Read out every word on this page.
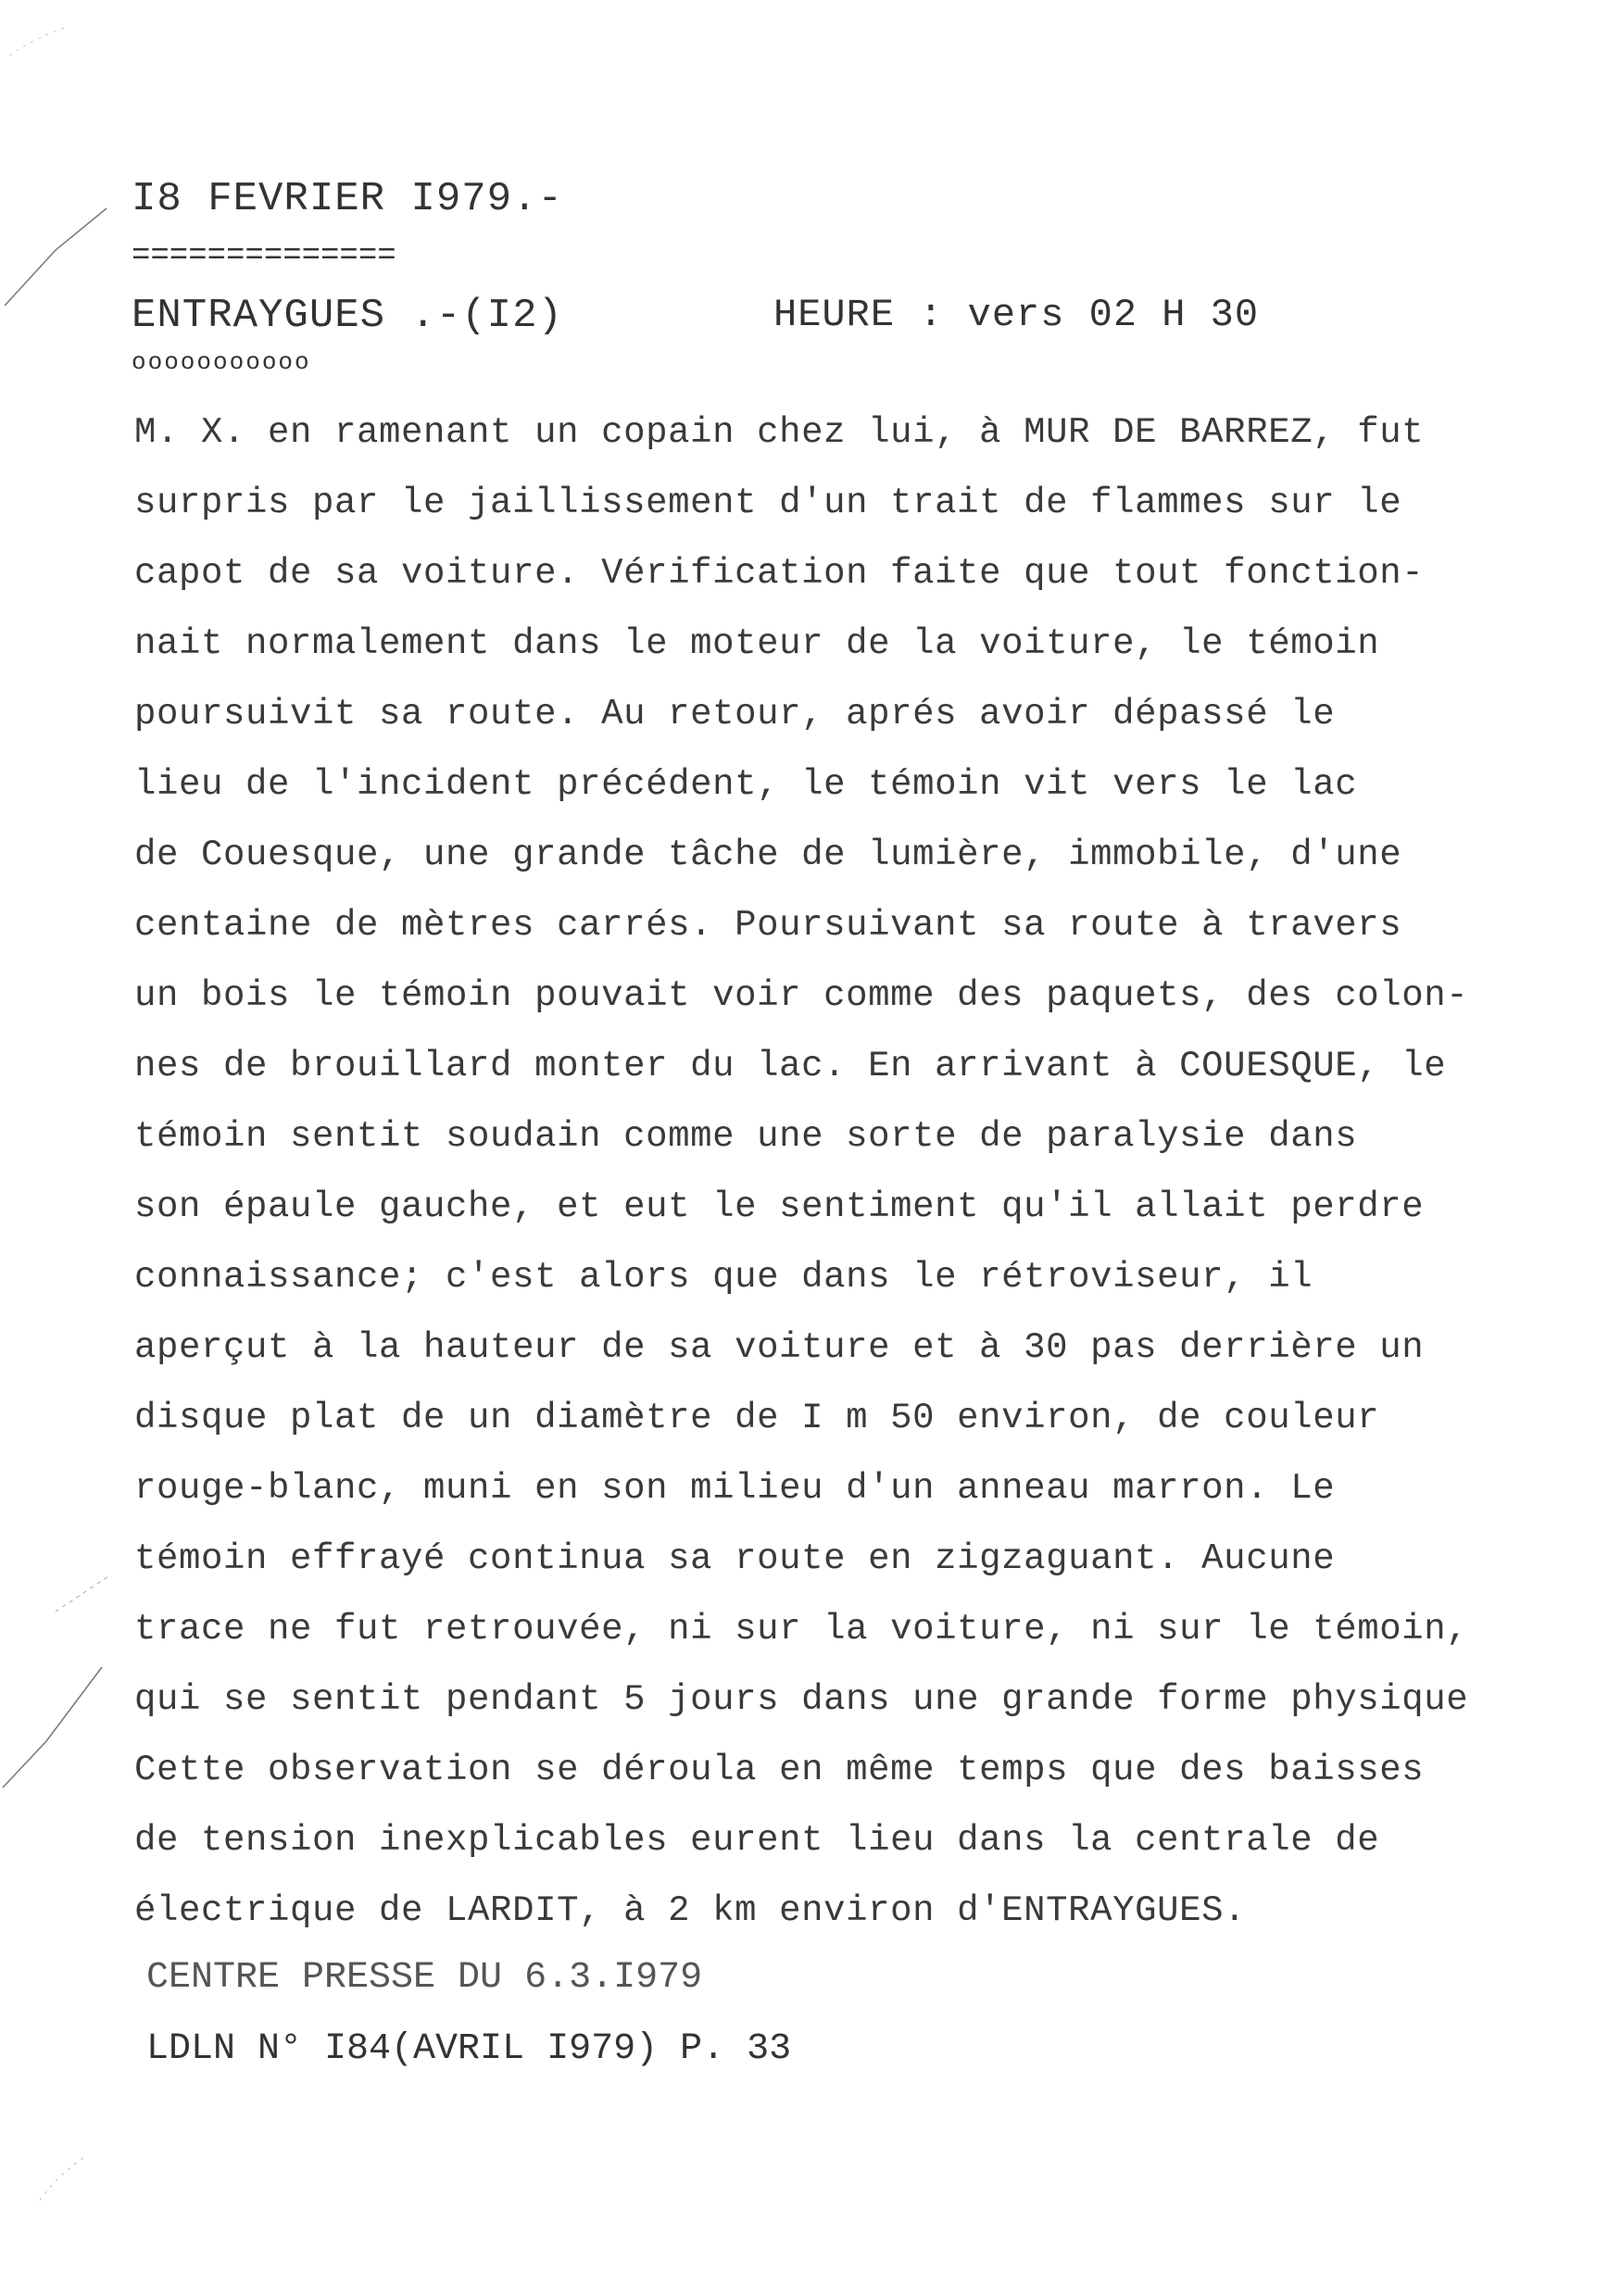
I8 FEVRIER I979.-
==============
ENTRAYGUES .-(I2)	HEURE : vers 02 H 30
ooooooooooo
M. X. en ramenant un copain chez lui, à MUR DE BARREZ, fut
surpris par le jaillissement d'un trait de flammes sur le
capot de sa voiture. Vérification faite que tout fonction-
nait normalement dans le moteur de la voiture, le témoin
poursuivit sa route. Au retour, aprés avoir dépassé le
lieu de l'incident précédent, le témoin vit vers le lac
de Couesque, une grande tâche de lumière, immobile, d'une
centaine de mètres carrés. Poursuivant sa route à travers
un bois le témoin pouvait voir comme des paquets, des colon-
nes de brouillard monter du lac. En arrivant à COUESQUE, le
témoin sentit soudain comme une sorte de paralysie dans
son épaule gauche, et eut le sentiment qu'il allait perdre
connaissance; c'est alors que dans le rétroviseur, il
aperçut à la hauteur de sa voiture et à 30 pas derrière un
disque plat de un diamètre de I m 50 environ, de couleur
rouge-blanc, muni en son milieu d'un anneau marron. Le
témoin effrayé continua sa route en zigzaguant. Aucune
trace ne fut retrouvée, ni sur la voiture, ni sur le témoin,
qui se sentit pendant 5 jours dans une grande forme physique
Cette observation se déroula en même temps que des baisses
de tension inexplicables eurent lieu dans la centrale de
électrique de LARDIT, à 2 km environ d'ENTRAYGUES.
CENTRE PRESSE DU 6.3.I979
LDLN N° I84(AVRIL I979) P. 33
